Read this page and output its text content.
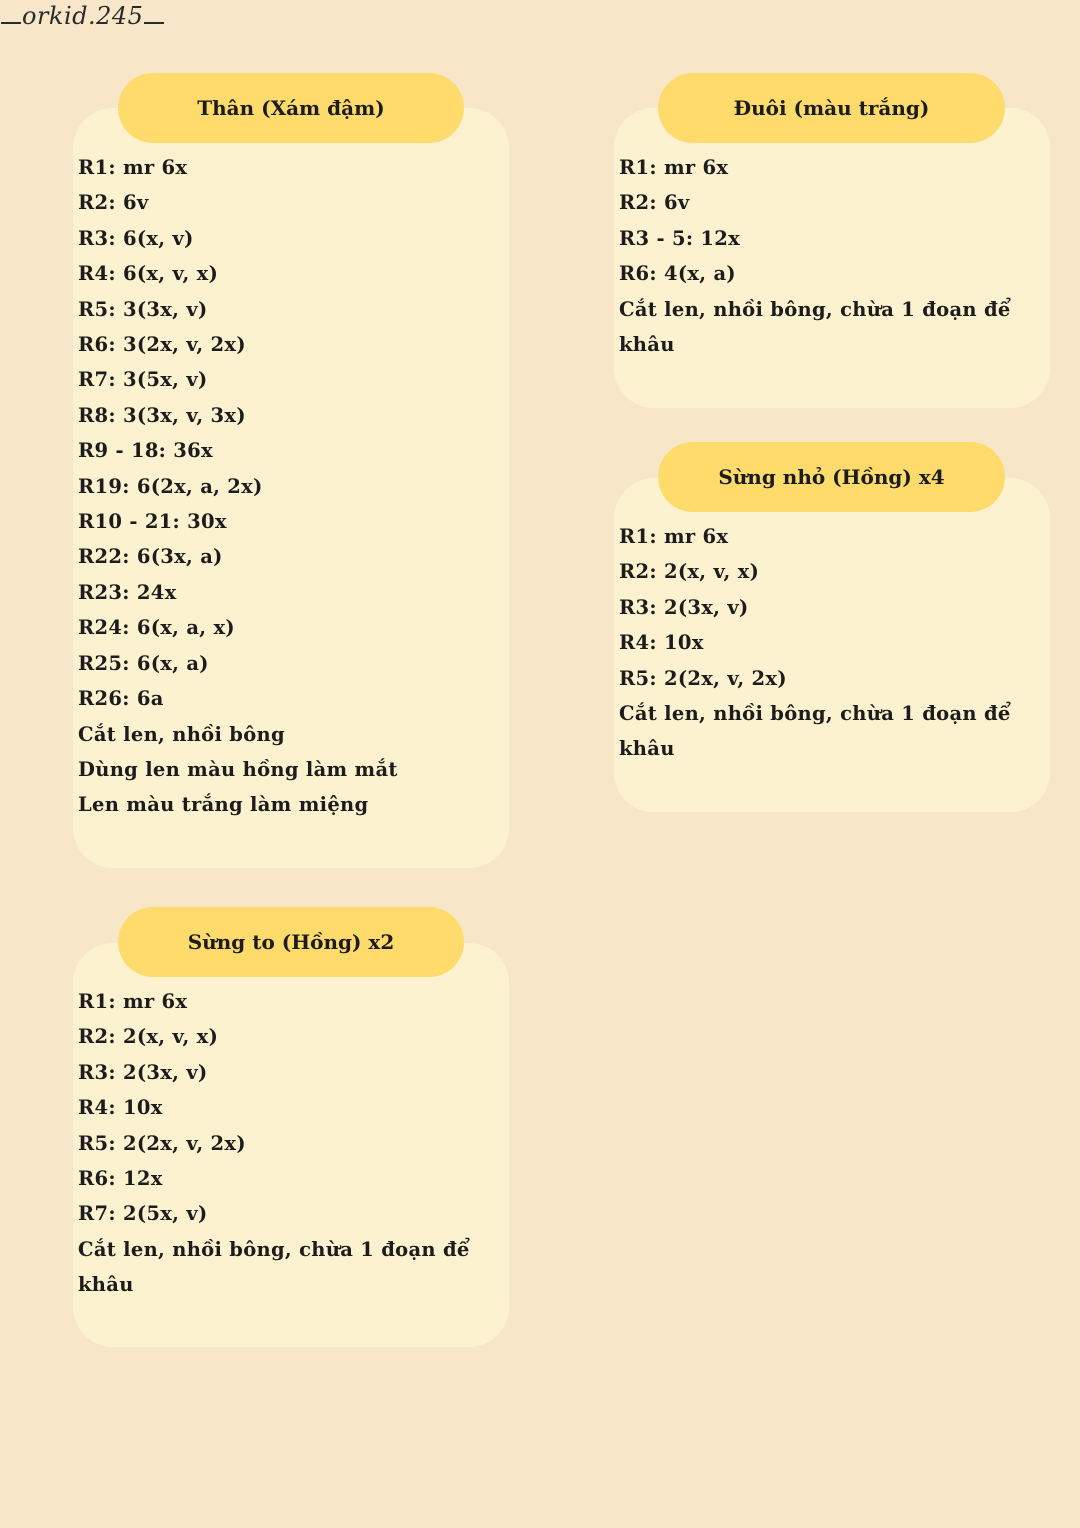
orkid.245
Thân (Xám đậm)
R1: mr 6x
R2: 6v
R3: 6(x, v)
R4: 6(x, v, x)
R5: 3(3x, v)
R6: 3(2x, v, 2x)
R7: 3(5x, v)
R8: 3(3x, v, 3x)
R9 - 18: 36x
R19: 6(2x, a, 2x)
R10 - 21: 30x
R22: 6(3x, a)
R23: 24x
R24: 6(x, a, x)
R25: 6(x, a)
R26: 6a
Cắt len, nhồi bông
Dùng len màu hồng làm mắt
Len màu trắng làm miệng
Đuôi (màu trắng)
R1: mr 6x
R2: 6v
R3 - 5: 12x
R6: 4(x, a)
Cắt len, nhồi bông, chừa 1 đoạn để
khâu
Sừng nhỏ (Hồng) x4
R1: mr 6x
R2: 2(x, v, x)
R3: 2(3x, v)
R4: 10x
R5: 2(2x, v, 2x)
Cắt len, nhồi bông, chừa 1 đoạn để
khâu
Sừng to (Hồng) x2
R1: mr 6x
R2: 2(x, v, x)
R3: 2(3x, v)
R4: 10x
R5: 2(2x, v, 2x)
R6: 12x
R7: 2(5x, v)
Cắt len, nhồi bông, chừa 1 đoạn để
khâu
